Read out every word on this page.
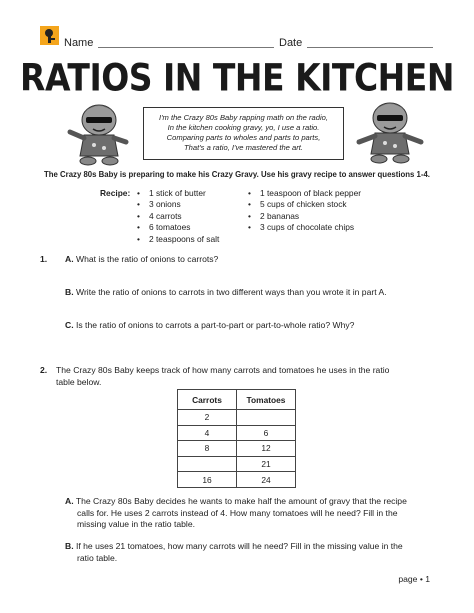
Name	Date
RATIOS IN THE KITCHEN
I'm the Crazy 80s Baby rapping math on the radio,
In the kitchen cooking gravy, yo, I use a ratio.
Comparing parts to wholes and parts to parts,
That's a ratio, I've mastered the art.
The Crazy 80s Baby is preparing to make his Crazy Gravy. Use his gravy recipe to answer questions 1-4.
Recipe: • 1 stick of butter
• 3 onions
• 4 carrots
• 6 tomatoes
• 2 teaspoons of salt
• 1 teaspoon of black pepper
• 5 cups of chicken stock
• 2 bananas
• 3 cups of chocolate chips
1. A. What is the ratio of onions to carrots?
B. Write the ratio of onions to carrots in two different ways than you wrote it in part A.
C. Is the ratio of onions to carrots a part-to-part or part-to-whole ratio? Why?
2. The Crazy 80s Baby keeps track of how many carrots and tomatoes he uses in the ratio
table below.
Carrots	Tomatoes
2	
4	6
8	12
	21
16	24
A. The Crazy 80s Baby decides he wants to make half the amount of gravy that the recipe
calls for. He uses 2 carrots instead of 4. How many tomatoes will he need? Fill in the
missing value in the ratio table.
B. If he uses 21 tomatoes, how many carrots will he need? Fill in the missing value in the
ratio table.
page • 1
